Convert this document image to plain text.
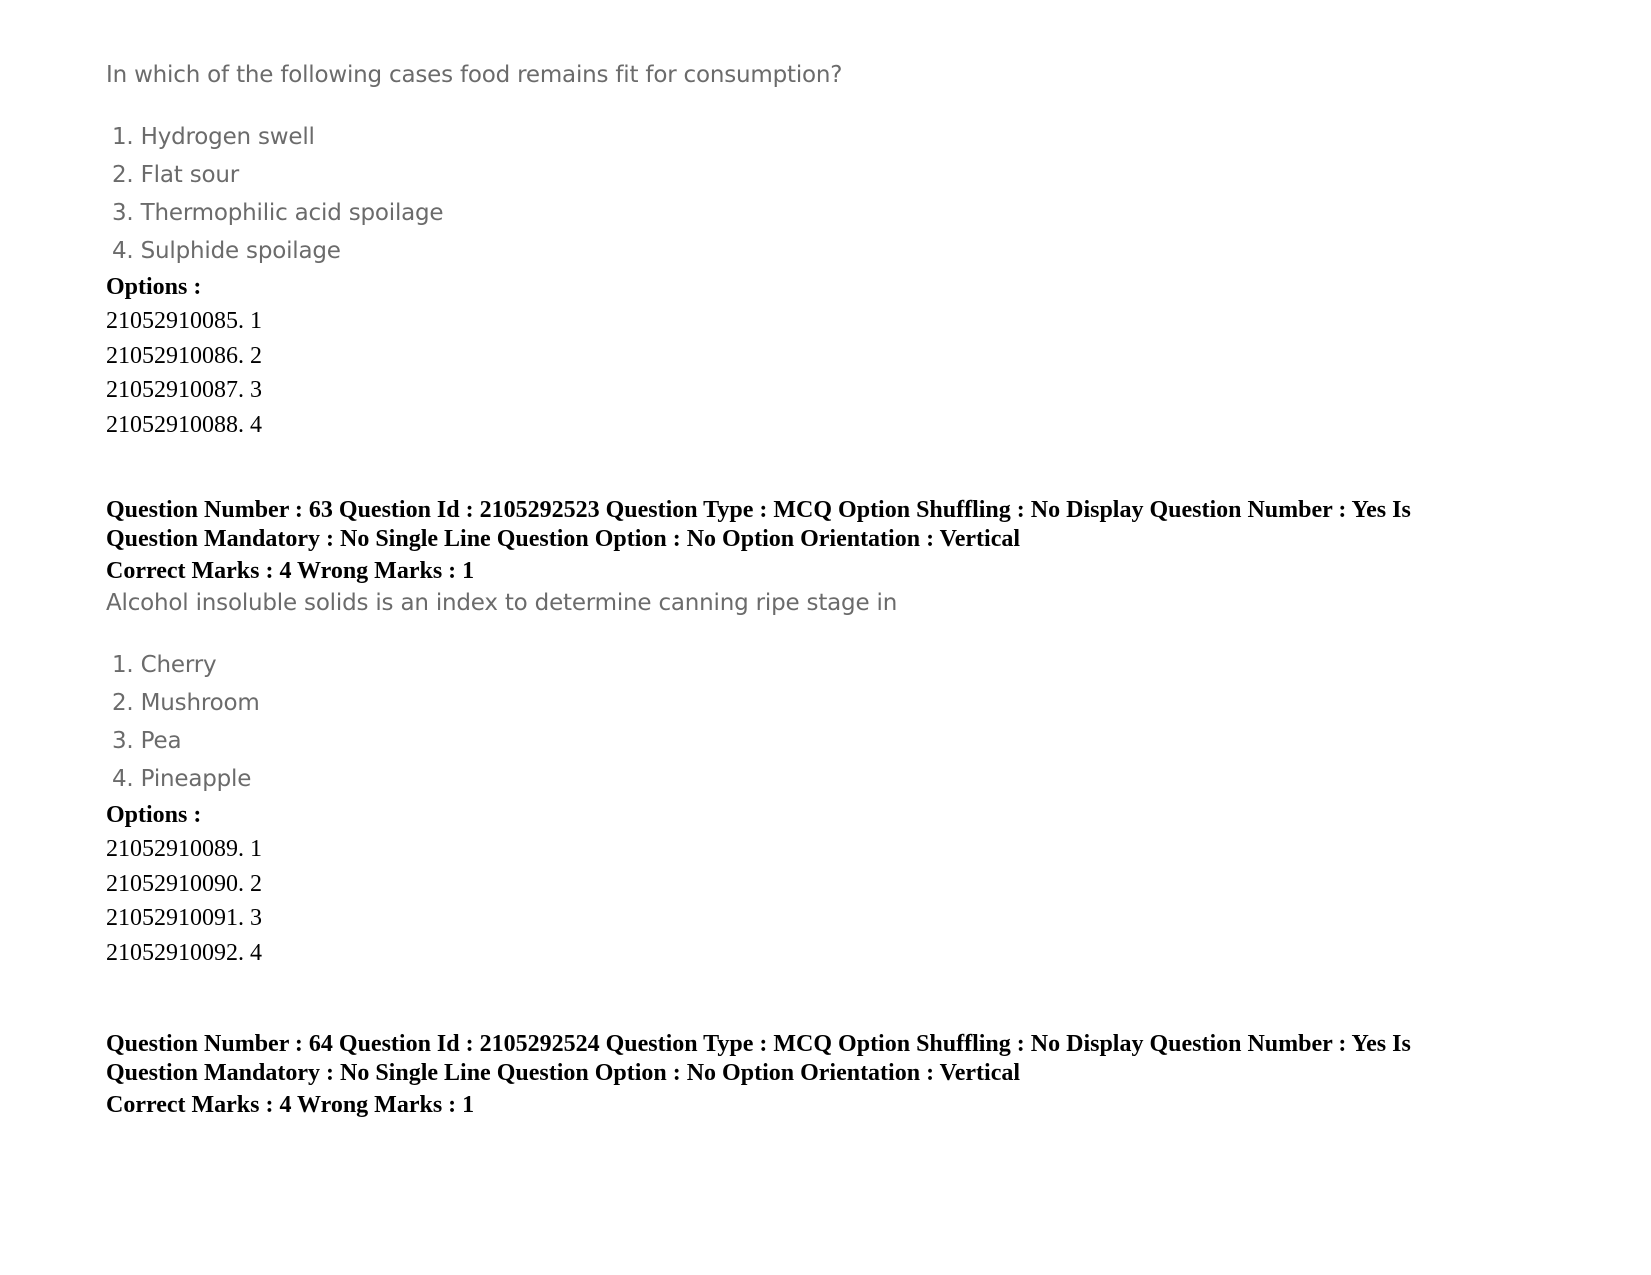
In which of the following cases food remains fit for consumption?

1. Hydrogen swell
2. Flat sour
3. Thermophilic acid spoilage
4. Sulphide spoilage
Options :
21052910085. 1
21052910086. 2
21052910087. 3
21052910088. 4

Question Number : 63 Question Id : 2105292523 Question Type : MCQ Option Shuffling : No Display Question Number : Yes Is

Question Mandatory : No Single Line Question Option : No Option Orientation : Vertical

Correct Marks : 4 Wrong Marks : 1

Alcohol insoluble solids is an index to determine canning ripe stage in

1. Cherry
2. Mushroom
3. Pea
4. Pineapple
Options :
21052910089. 1
21052910090. 2
21052910091. 3
21052910092. 4

Question Number : 64 Question Id : 2105292524 Question Type : MCQ Option Shuffling : No Display Question Number : Yes Is

Question Mandatory : No Single Line Question Option : No Option Orientation : Vertical

Correct Marks : 4 Wrong Marks : 1
